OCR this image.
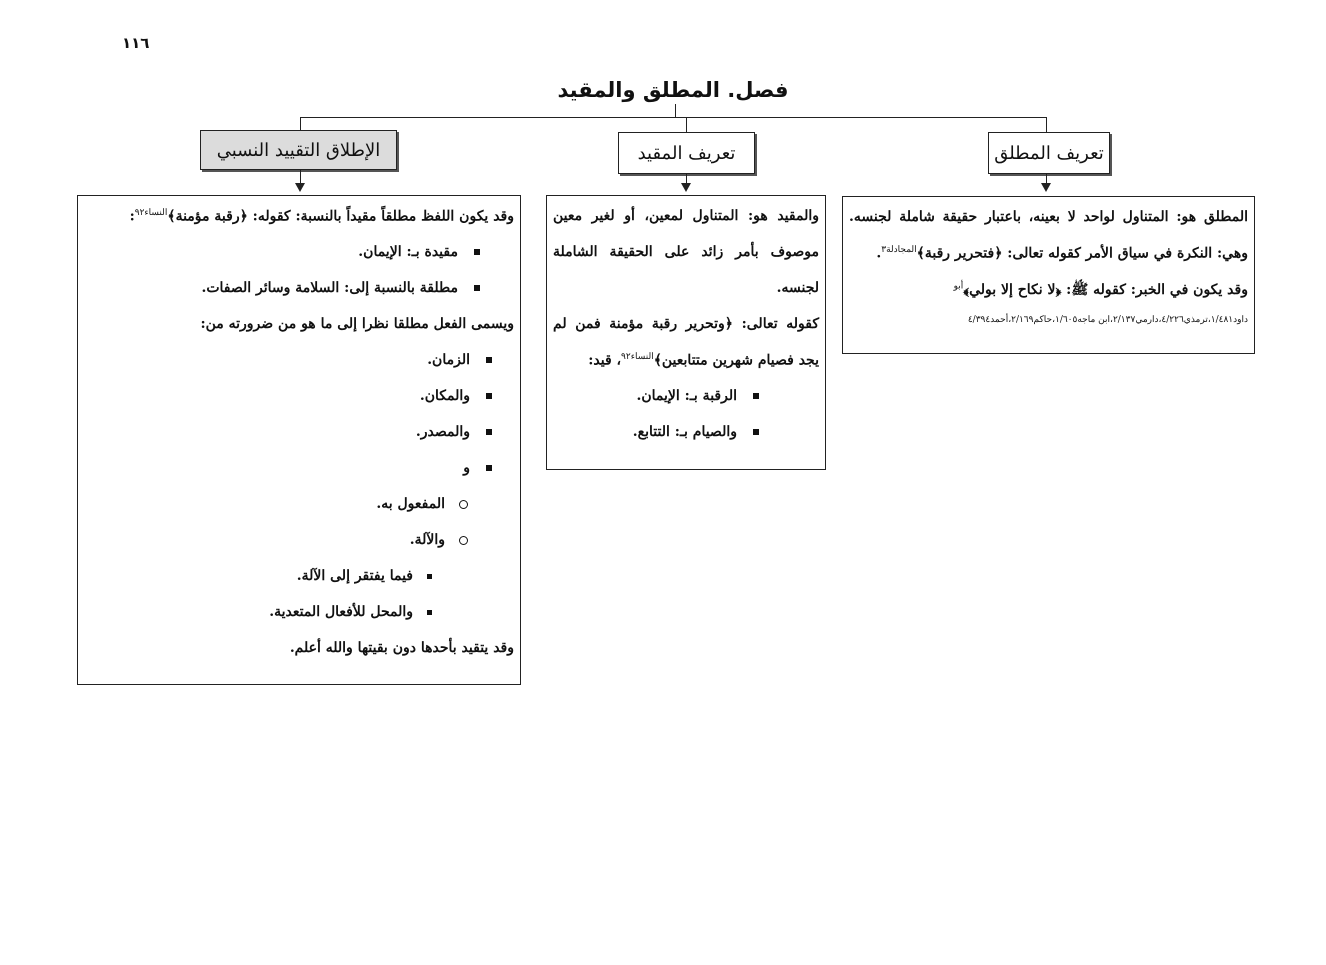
١١٦
فصل. المطلق والمقيد
الإطلاق التقييد النسبي	تعريف المقيد	تعريف المطلق
المطلق هو: المتناول لواحد لا بعينه، باعتبار حقيقة شاملة لجنسه.
وهي: النكرة في سياق الأمر كقوله تعالى: ﴿فتحرير رقبة﴾$^{المجادلة٣}$.
وقد يكون في الخبر: كقوله ﷺ: ﴿لا نكاح إلا بولي﴾$^{أبو}$
داود١/٤٨١،ترمذي٤/٢٢٦،دارمي٢/١٣٧،ابن ماجه١/٦٠٥،حاكم٢/١٦٩،أحمد٤/٣٩٤
والمقيد هو: المتناول لمعين، أو لغير معين
موصوف بأمر زائد على الحقيقة الشاملة
لجنسه.
كقوله تعالى: ﴿وتحرير رقبة مؤمنة فمن لم
يجد فصيام شهرين متتابعين﴾$^{النساء٩٢}$، قيد:
الرقبة بـ: الإيمان.
والصيام بـ: التتابع.
وقد يكون اللفظ مطلقاً مقيداً بالنسبة: كقوله: ﴿رقبة مؤمنة﴾$^{النساء٩٢}$:
مقيدة بـ: الإيمان.
مطلقة بالنسبة إلى: السلامة وسائر الصفات.
ويسمى الفعل مطلقا نظرا إلى ما هو من ضرورته من:
الزمان.
والمكان.
والمصدر.
و
المفعول به.
والآلة.
فيما يفتقر إلى الآلة.
والمحل للأفعال المتعدية.
وقد يتقيد بأحدها دون بقيتها والله أعلم.
